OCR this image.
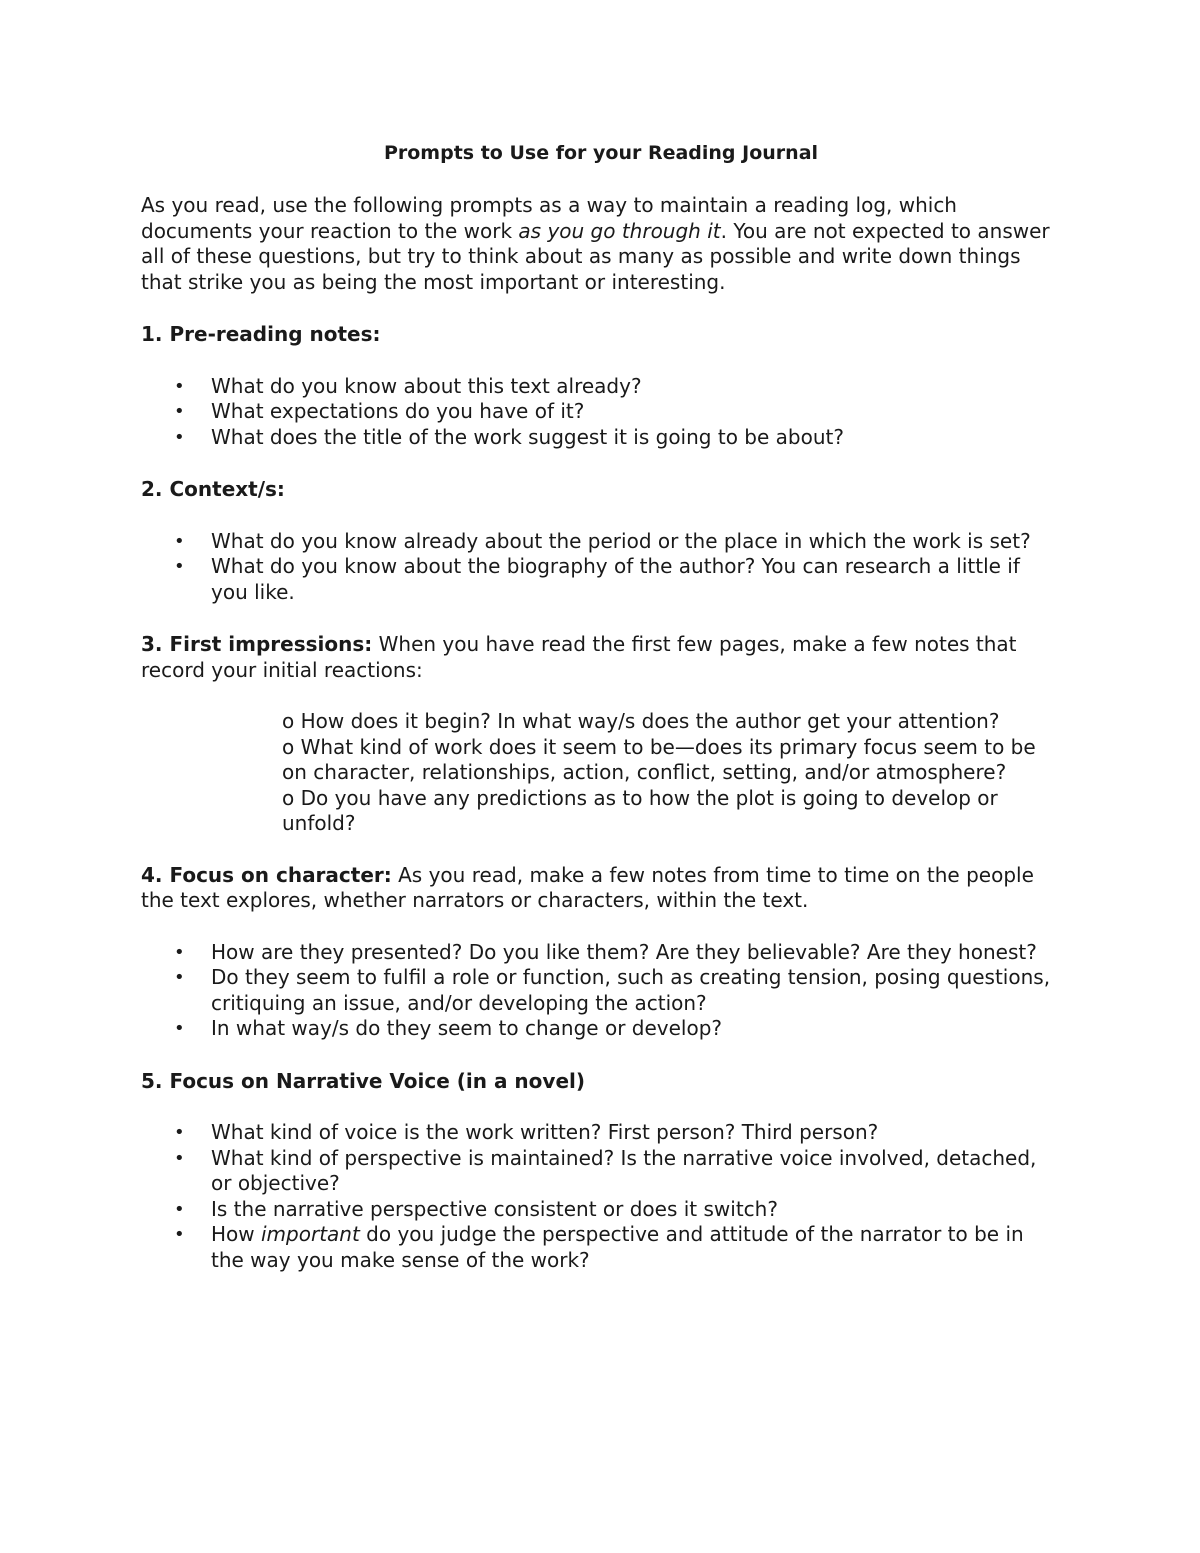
Prompts to Use for your Reading Journal

As you read, use the following prompts as a way to maintain a reading log, which documents your reaction to the work as you go through it. You are not expected to answer all of these questions, but try to think about as many as possible and write down things that strike you as being the most important or interesting.

1. Pre-reading notes:

• What do you know about this text already?
• What expectations do you have of it?
• What does the title of the work suggest it is going to be about?

2. Context/s:

• What do you know already about the period or the place in which the work is set?
• What do you know about the biography of the author? You can research a little if you like.

3. First impressions: When you have read the first few pages, make a few notes that record your initial reactions:

o How does it begin? In what way/s does the author get your attention?
o What kind of work does it seem to be—does its primary focus seem to be on character, relationships, action, conflict, setting, and/or atmosphere?
o Do you have any predictions as to how the plot is going to develop or unfold?

4. Focus on character: As you read, make a few notes from time to time on the people the text explores, whether narrators or characters, within the text.

• How are they presented? Do you like them? Are they believable? Are they honest?
• Do they seem to fulfil a role or function, such as creating tension, posing questions, critiquing an issue, and/or developing the action?
• In what way/s do they seem to change or develop?

5. Focus on Narrative Voice (in a novel)

• What kind of voice is the work written? First person? Third person?
• What kind of perspective is maintained? Is the narrative voice involved, detached, or objective?
• Is the narrative perspective consistent or does it switch?
• How important do you judge the perspective and attitude of the narrator to be in the way you make sense of the work?
